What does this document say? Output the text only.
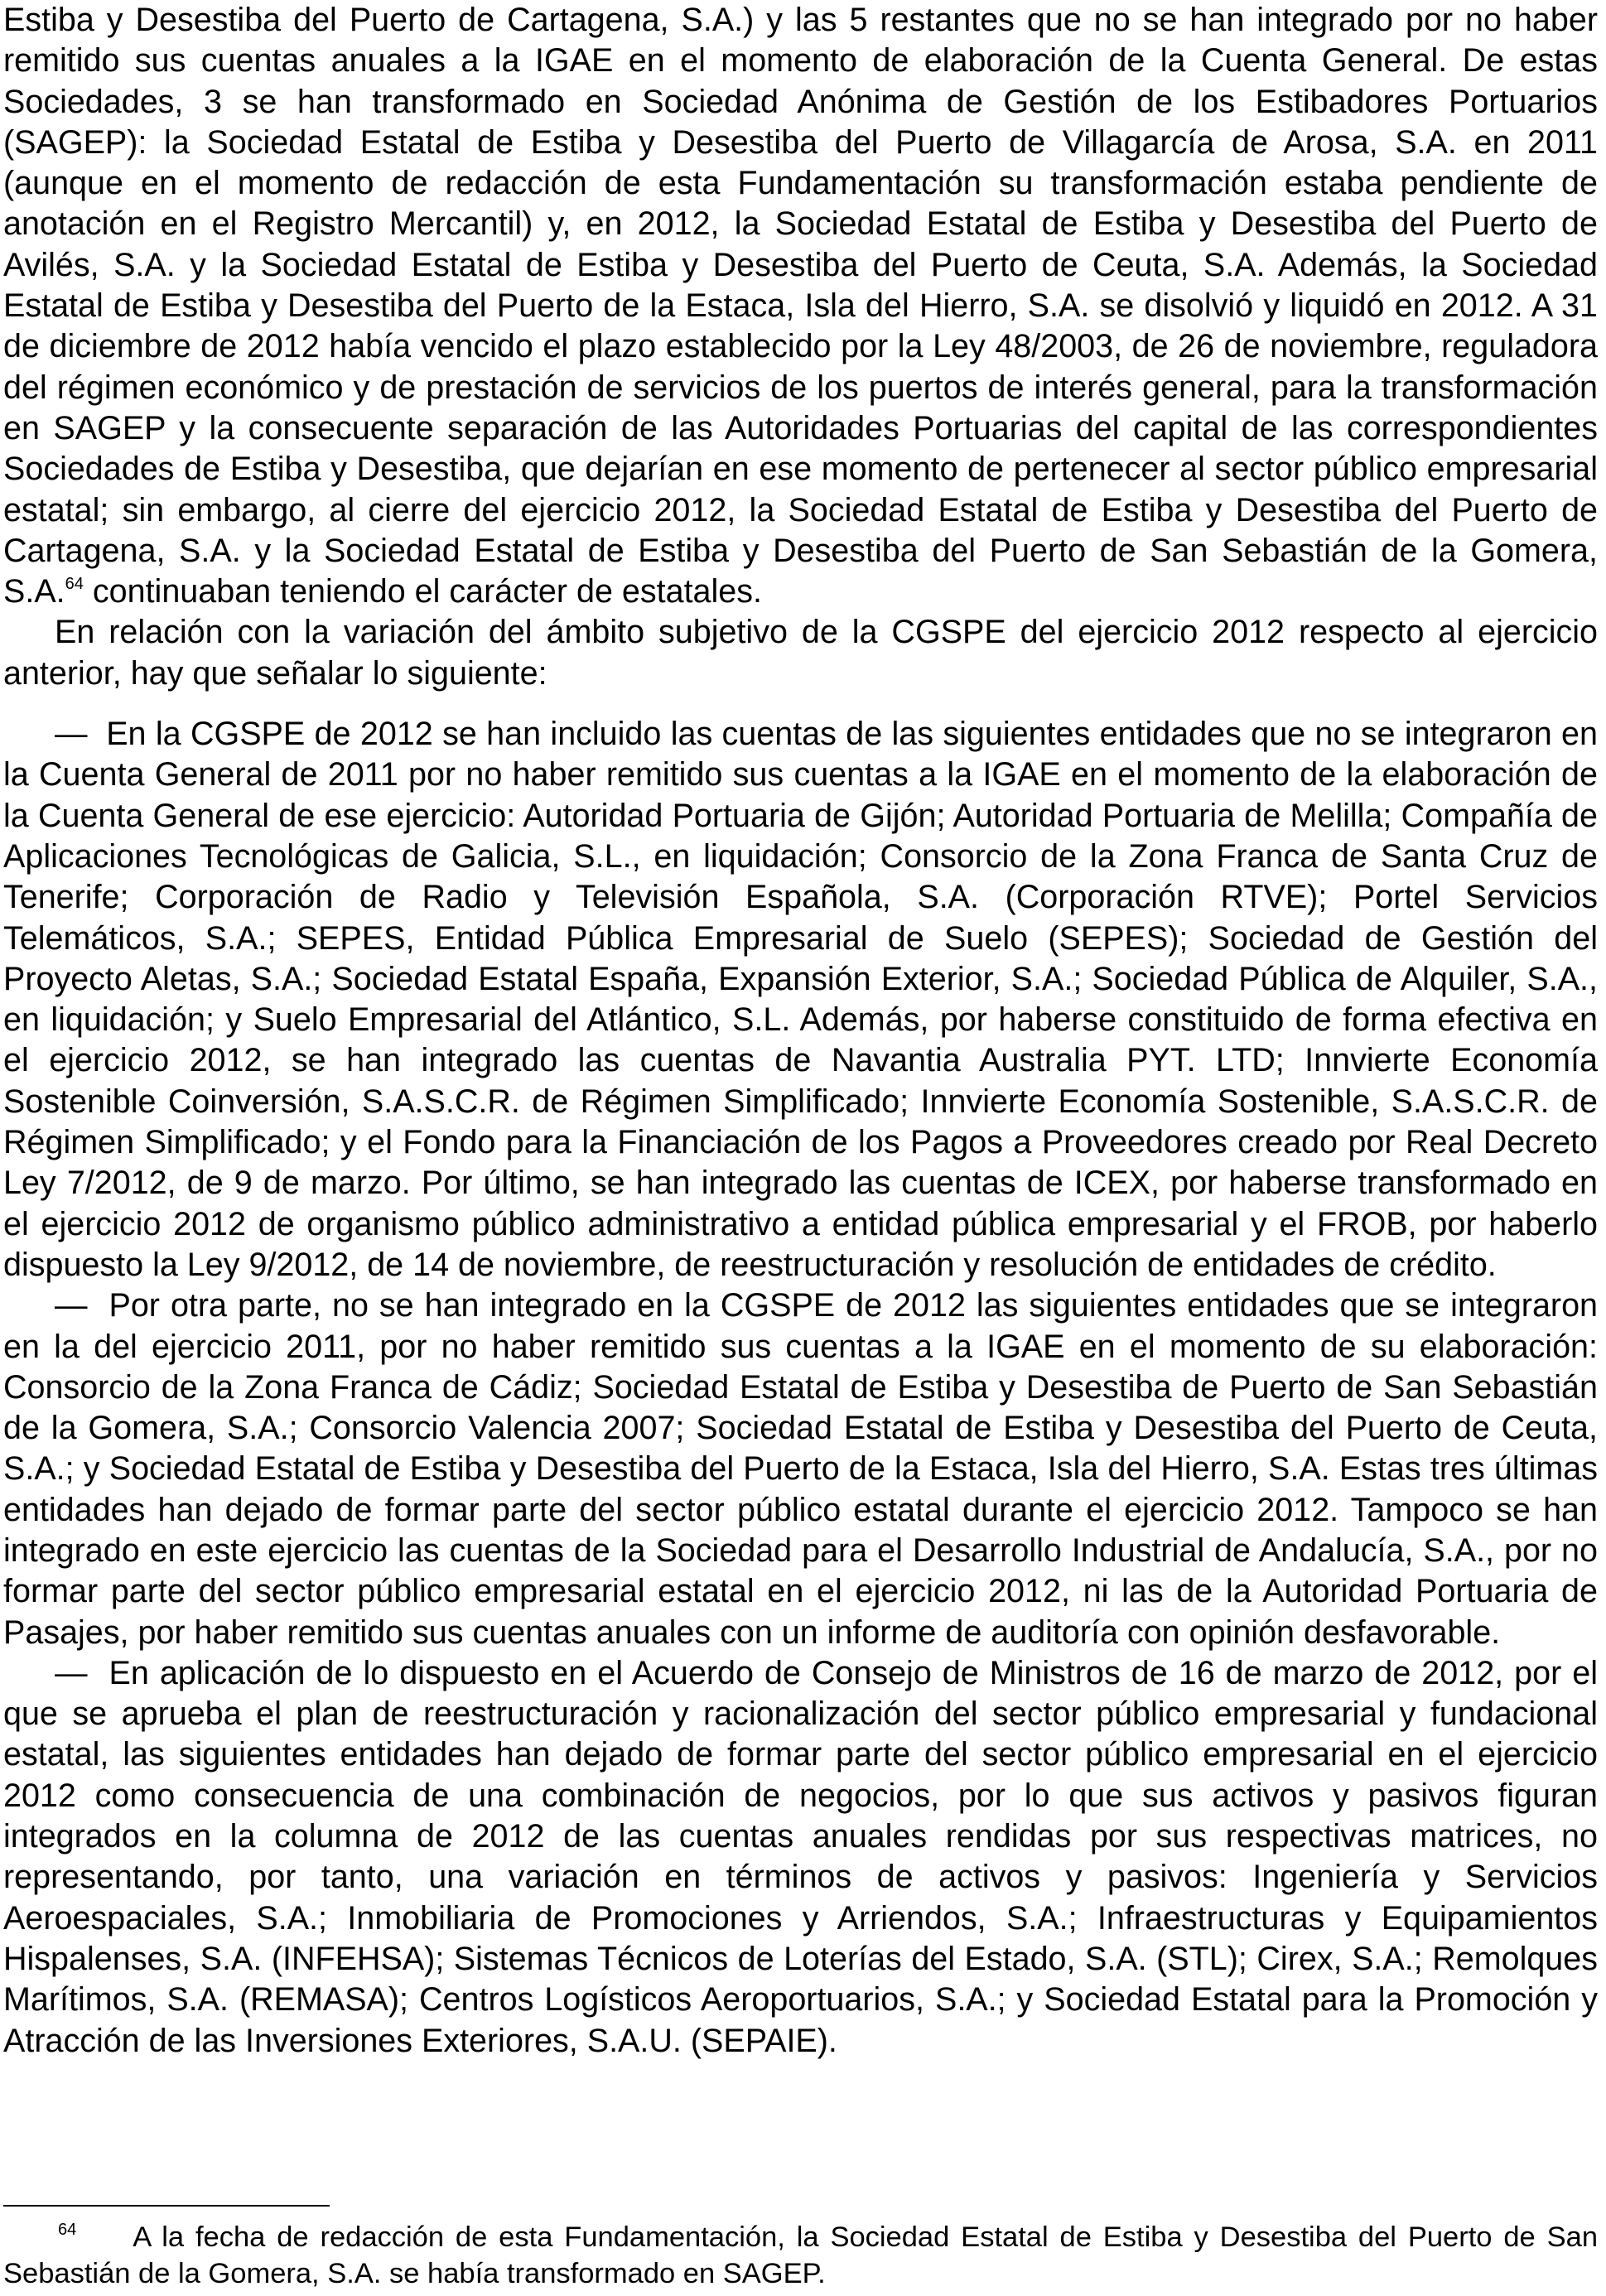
Estiba y Desestiba del Puerto de Cartagena, S.A.) y las 5 restantes que no se han integrado por no haber remitido sus cuentas anuales a la IGAE en el momento de elaboración de la Cuenta General. De estas Sociedades, 3 se han transformado en Sociedad Anónima de Gestión de los Estibadores Portuarios (SAGEP): la Sociedad Estatal de Estiba y Desestiba del Puerto de Villagarcía de Arosa, S.A. en 2011 (aunque en el momento de redacción de esta Fundamentación su transformación estaba pendiente de anotación en el Registro Mercantil) y, en 2012, la Sociedad Estatal de Estiba y Desestiba del Puerto de Avilés, S.A. y la Sociedad Estatal de Estiba y Desestiba del Puerto de Ceuta, S.A. Además, la Sociedad Estatal de Estiba y Desestiba del Puerto de la Estaca, Isla del Hierro, S.A. se disolvió y liquidó en 2012. A 31 de diciembre de 2012 había vencido el plazo establecido por la Ley 48/2003, de 26 de noviembre, reguladora del régimen económico y de prestación de servicios de los puertos de interés general, para la transformación en SAGEP y la consecuente separación de las Autoridades Portuarias del capital de las correspondientes Sociedades de Estiba y Desestiba, que dejarían en ese momento de pertenecer al sector público empresarial estatal; sin embargo, al cierre del ejercicio 2012, la Sociedad Estatal de Estiba y Desestiba del Puerto de Cartagena, S.A. y la Sociedad Estatal de Estiba y Desestiba del Puerto de San Sebastián de la Gomera, S.A.$^{64}$ continuaban teniendo el carácter de estatales.

En relación con la variación del ámbito subjetivo de la CGSPE del ejercicio 2012 respecto al ejercicio anterior, hay que señalar lo siguiente:

— En la CGSPE de 2012 se han incluido las cuentas de las siguientes entidades que no se integraron en la Cuenta General de 2011 por no haber remitido sus cuentas a la IGAE en el momento de la elaboración de la Cuenta General de ese ejercicio: Autoridad Portuaria de Gijón; Autoridad Portuaria de Melilla; Compañía de Aplicaciones Tecnológicas de Galicia, S.L., en liquidación; Consorcio de la Zona Franca de Santa Cruz de Tenerife; Corporación de Radio y Televisión Española, S.A. (Corporación RTVE); Portel Servicios Telemáticos, S.A.; SEPES, Entidad Pública Empresarial de Suelo (SEPES); Sociedad de Gestión del Proyecto Aletas, S.A.; Sociedad Estatal España, Expansión Exterior, S.A.; Sociedad Pública de Alquiler, S.A., en liquidación; y Suelo Empresarial del Atlántico, S.L. Además, por haberse constituido de forma efectiva en el ejercicio 2012, se han integrado las cuentas de Navantia Australia PYT. LTD; Innvierte Economía Sostenible Coinversión, S.A.S.C.R. de Régimen Simplificado; Innvierte Economía Sostenible, S.A.S.C.R. de Régimen Simplificado; y el Fondo para la Financiación de los Pagos a Proveedores creado por Real Decreto Ley 7/2012, de 9 de marzo. Por último, se han integrado las cuentas de ICEX, por haberse transformado en el ejercicio 2012 de organismo público administrativo a entidad pública empresarial y el FROB, por haberlo dispuesto la Ley 9/2012, de 14 de noviembre, de reestructuración y resolución de entidades de crédito.

— Por otra parte, no se han integrado en la CGSPE de 2012 las siguientes entidades que se integraron en la del ejercicio 2011, por no haber remitido sus cuentas a la IGAE en el momento de su elaboración: Consorcio de la Zona Franca de Cádiz; Sociedad Estatal de Estiba y Desestiba de Puerto de San Sebastián de la Gomera, S.A.; Consorcio Valencia 2007; Sociedad Estatal de Estiba y Desestiba del Puerto de Ceuta, S.A.; y Sociedad Estatal de Estiba y Desestiba del Puerto de la Estaca, Isla del Hierro, S.A. Estas tres últimas entidades han dejado de formar parte del sector público estatal durante el ejercicio 2012. Tampoco se han integrado en este ejercicio las cuentas de la Sociedad para el Desarrollo Industrial de Andalucía, S.A., por no formar parte del sector público empresarial estatal en el ejercicio 2012, ni las de la Autoridad Portuaria de Pasajes, por haber remitido sus cuentas anuales con un informe de auditoría con opinión desfavorable.

— En aplicación de lo dispuesto en el Acuerdo de Consejo de Ministros de 16 de marzo de 2012, por el que se aprueba el plan de reestructuración y racionalización del sector público empresarial y fundacional estatal, las siguientes entidades han dejado de formar parte del sector público empresarial en el ejercicio 2012 como consecuencia de una combinación de negocios, por lo que sus activos y pasivos figuran integrados en la columna de 2012 de las cuentas anuales rendidas por sus respectivas matrices, no representando, por tanto, una variación en términos de activos y pasivos: Ingeniería y Servicios Aeroespaciales, S.A.; Inmobiliaria de Promociones y Arriendos, S.A.; Infraestructuras y Equipamientos Hispalenses, S.A. (INFEHSA); Sistemas Técnicos de Loterías del Estado, S.A. (STL); Cirex, S.A.; Remolques Marítimos, S.A. (REMASA); Centros Logísticos Aeroportuarios, S.A.; y Sociedad Estatal para la Promoción y Atracción de las Inversiones Exteriores, S.A.U. (SEPAIE).

64 A la fecha de redacción de esta Fundamentación, la Sociedad Estatal de Estiba y Desestiba del Puerto de San Sebastián de la Gomera, S.A. se había transformado en SAGEP.
